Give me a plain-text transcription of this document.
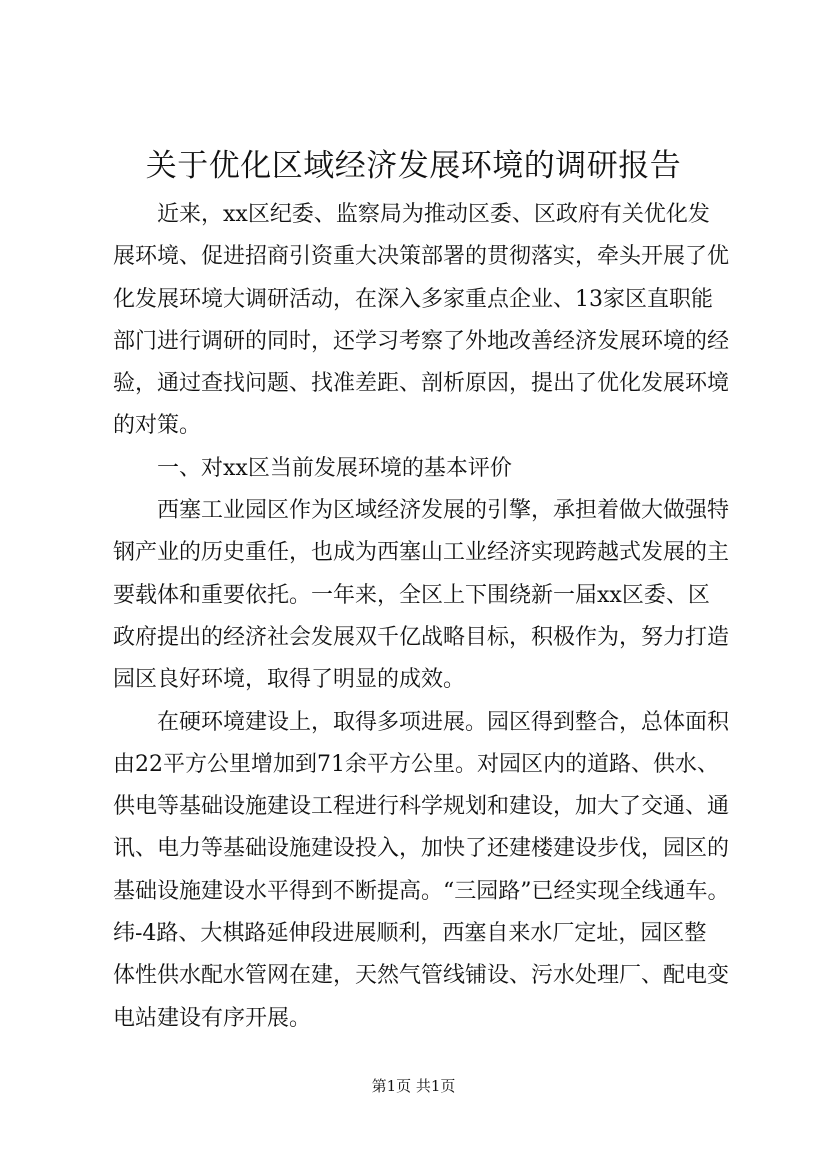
关于优化区域经济发展环境的调研报告
　　近来，xx区纪委、监察局为推动区委、区政府有关优化发
展环境、促进招商引资重大决策部署的贯彻落实，牵头开展了优
化发展环境大调研活动，在深入多家重点企业、13家区直职能
部门进行调研的同时，还学习考察了外地改善经济发展环境的经
验，通过查找问题、找准差距、剖析原因，提出了优化发展环境
的对策。
　　一、对xx区当前发展环境的基本评价
　　西塞工业园区作为区域经济发展的引擎，承担着做大做强特
钢产业的历史重任，也成为西塞山工业经济实现跨越式发展的主
要载体和重要依托。一年来，全区上下围绕新一届xx区委、区
政府提出的经济社会发展双千亿战略目标，积极作为，努力打造
园区良好环境，取得了明显的成效。
　　在硬环境建设上，取得多项进展。园区得到整合，总体面积
由22平方公里增加到71余平方公里。对园区内的道路、供水、
供电等基础设施建设工程进行科学规划和建设，加大了交通、通
讯、电力等基础设施建设投入，加快了还建楼建设步伐，园区的
基础设施建设水平得到不断提高。“三园路”已经实现全线通车。
纬-4路、大棋路延伸段进展顺利，西塞自来水厂定址，园区整
体性供水配水管网在建，天然气管线铺设、污水处理厂、配电变
电站建设有序开展。
第1页 共1页
